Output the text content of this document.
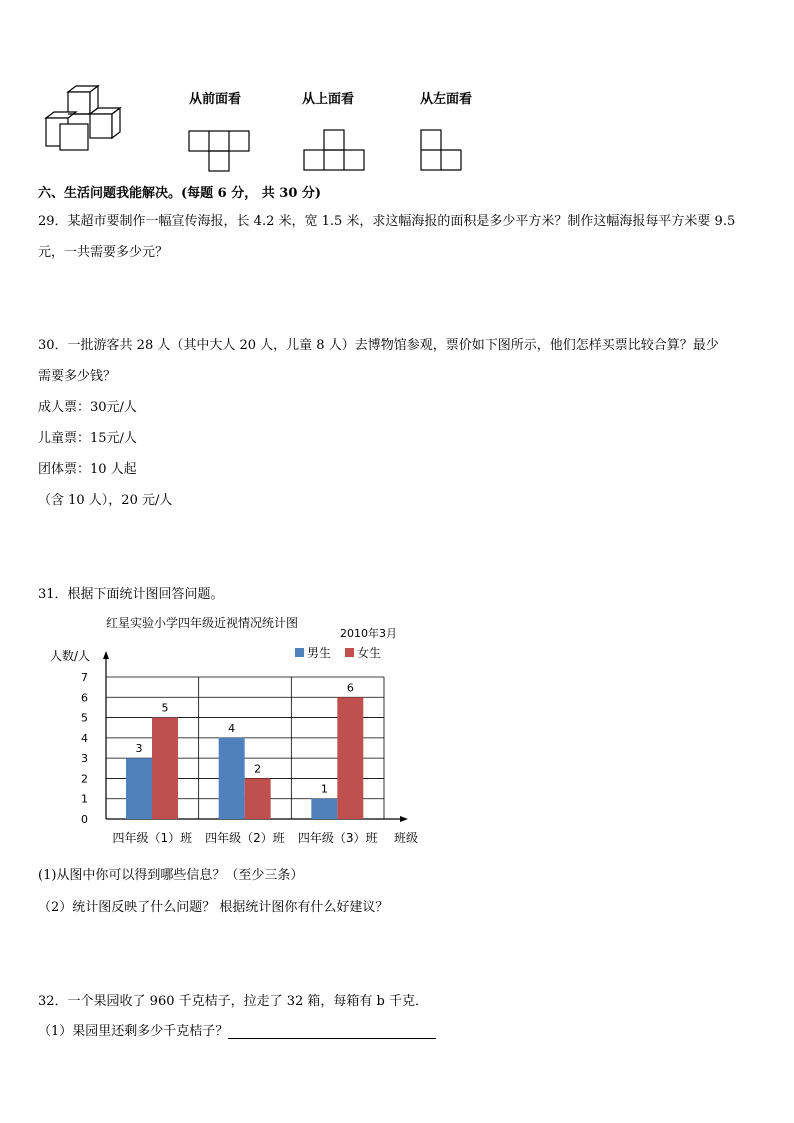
从前面看	从上面看	从左面看
六、生活问题我能解决。(每题 6 分， 共 30 分)
29．某超市要制作一幅宣传海报，长 4.2 米，宽 1.5 米，求这幅海报的面积是多少平方米？制作这幅海报每平方米要 9.5
元，一共需要多少元？
30．一批游客共 28 人（其中大人 20 人，儿童 8 人）去博物馆参观，票价如下图所示，他们怎样买票比较合算？最少
需要多少钱？
成人票：30元/人
儿童票：15元/人
团体票：10 人起
（含 10 人），20 元/人
31．根据下面统计图回答问题。
红星实验小学四年级近视情况统计图
2010年3月
人数/人
班级
男生 女生
0
1
2
3
4
5
6
7
3
5
四年级（1）班
4
2
四年级（2）班
1
6
四年级（3）班
(1)从图中你可以得到哪些信息？（至少三条）
（2）统计图反映了什么问题？ 根据统计图你有什么好建议？
32．一个果园收了 960 千克桔子，拉走了 32 箱，每箱有 b 千克．
（1）果园里还剩多少千克桔子？
